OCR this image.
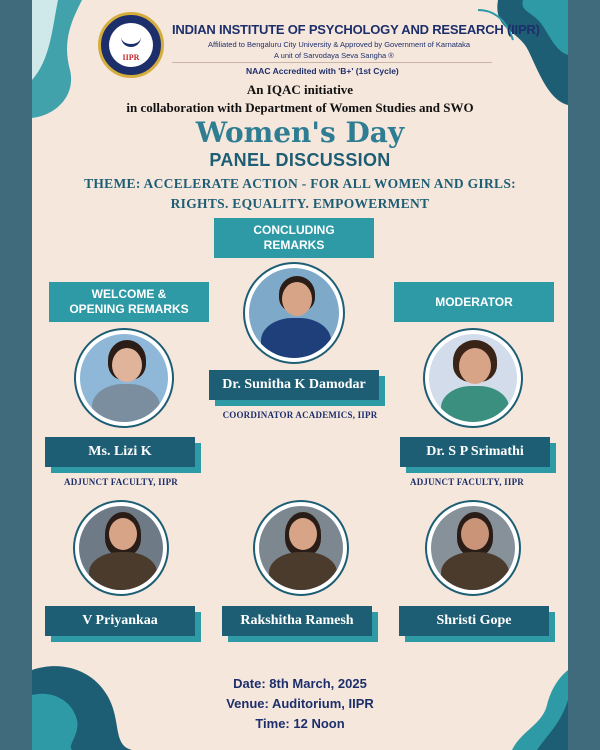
IIPR
INDIAN INSTITUTE OF PSYCHOLOGY AND RESEARCH (IIPR)
Affiliated to Bengaluru City University & Approved by Government of Karnataka
A unit of Sarvodaya Seva Sangha ®
NAAC Accredited with 'B+' (1st Cycle)
An IQAC initiative
in collaboration with Department of Women Studies and SWO
Women's Day
PANEL DISCUSSION
THEME: ACCELERATE ACTION - FOR ALL WOMEN AND GIRLS:
RIGHTS. EQUALITY. EMPOWERMENT
CONCLUDING REMARKS
WELCOME & OPENING REMARKS
MODERATOR
Dr. Sunitha K Damodar
COORDINATOR ACADEMICS, IIPR
Ms. Lizi K
ADJUNCT FACULTY, IIPR
Dr. S P Srimathi
ADJUNCT FACULTY, IIPR
V Priyankaa	Rakshitha Ramesh	Shristi Gope
Date: 8th March, 2025
Venue: Auditorium, IIPR
Time: 12 Noon
